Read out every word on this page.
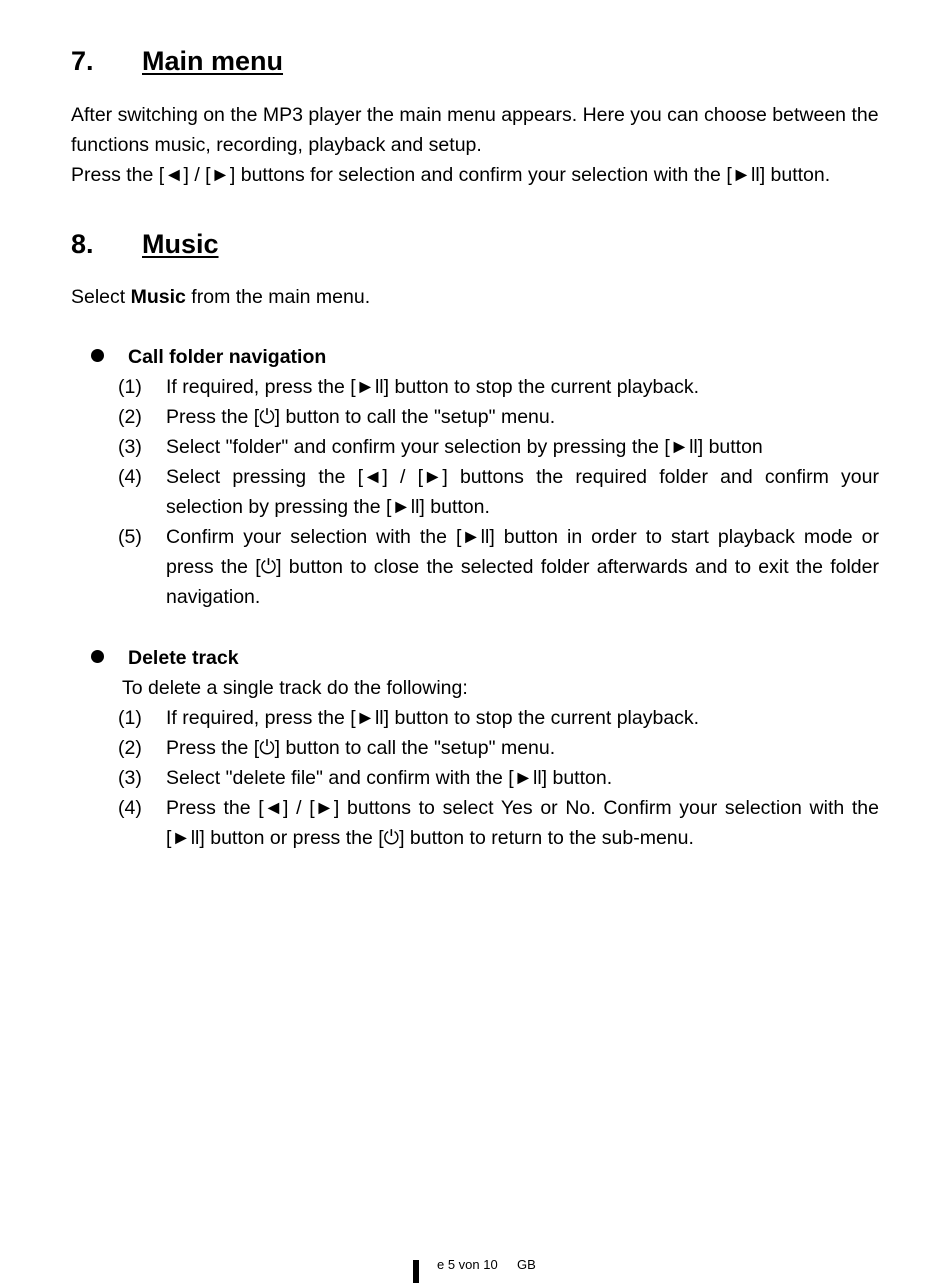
7. Main menu
After switching on the MP3 player the main menu appears. Here you can choose between the functions music, recording, playback and setup.
Press the [◄] / [►] buttons for selection and confirm your selection with the [►ll] button.
8. Music
Select Music from the main menu.
Call folder navigation
(1) If required, press the [►ll] button to stop the current playback.
(2) Press the [⏻] button to call the "setup" menu.
(3) Select "folder" and confirm your selection by pressing the [►ll] button
(4) Select pressing the [◄] / [►] buttons the required folder and confirm your selection by pressing the [►ll] button.
(5) Confirm your selection with the [►ll] button in order to start playback mode or press the [⏻] button to close the selected folder afterwards and to exit the folder navigation.
Delete track
To delete a single track do the following:
(1) If required, press the [►ll] button to stop the current playback.
(2) Press the [⏻] button to call the "setup" menu.
(3) Select "delete file" and confirm with the [►ll] button.
(4) Press the [◄] / [►] buttons to select Yes or No. Confirm your selection with the [►ll] button or press the [⏻] button to return to the sub-menu.
e 5 von 10 GB
